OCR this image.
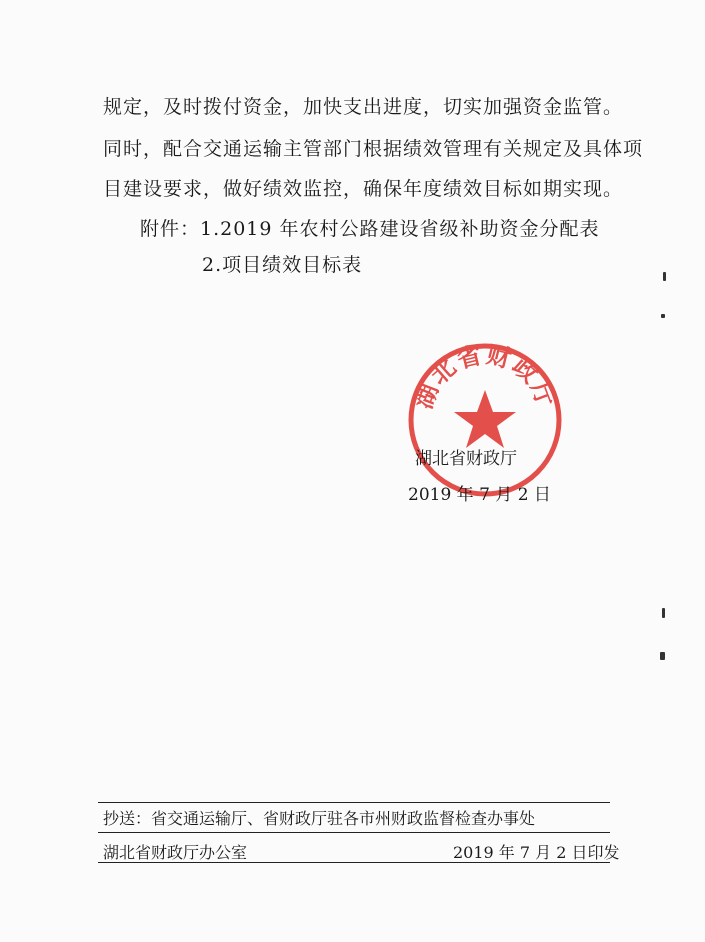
规定，及时拨付资金，加快支出进度，切实加强资金监管。
同时，配合交通运输主管部门根据绩效管理有关规定及具体项
目建设要求，做好绩效监控，确保年度绩效目标如期实现。
附件：1.2019 年农村公路建设省级补助资金分配表
2.项目绩效目标表
湖北省财政厅
湖北省财政厅
2019 年 7 月 2 日
抄送：省交通运输厅、省财政厅驻各市州财政监督检查办事处
湖北省财政厅办公室	2019 年 7 月 2 日印发
